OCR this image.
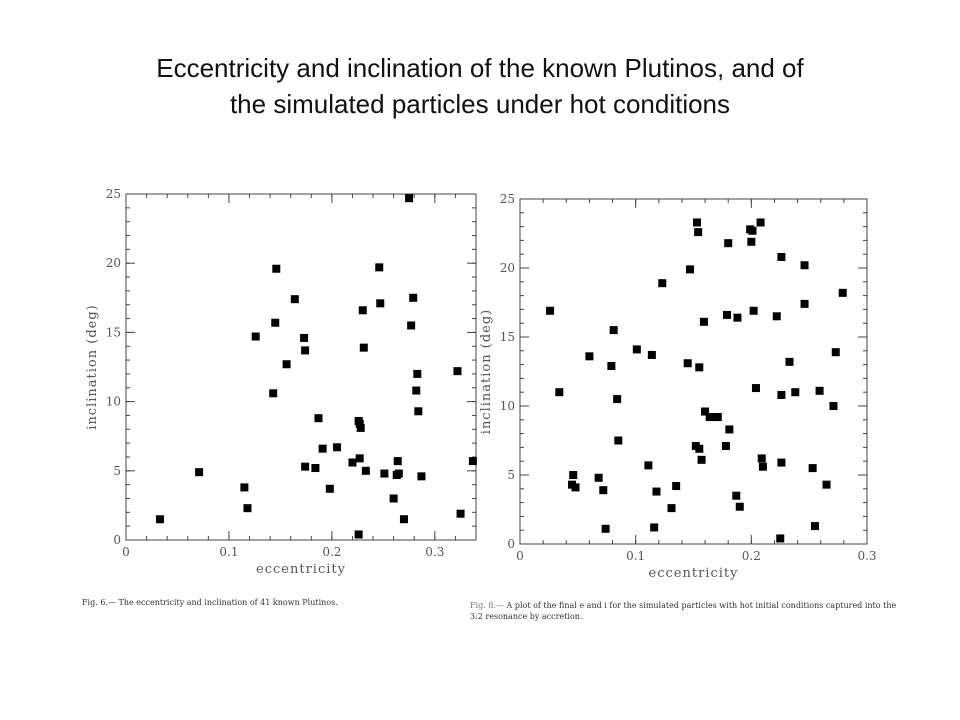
Eccentricity and inclination of the known Plutinos, and of
the simulated particles under hot conditions
0	0.1	0.2	0.3
0
5
10
15
20
25
eccentricity
inclination (deg)
0	0.1	0.2	0.3
0
5
10
15
20
25
eccentricity
inclination (deg)

Fig. 6.— The eccentricity and inclination of 41 known Plutinos.	Fig. 8.— A plot of the final e and i for the simulated particles with hot initial conditions captured into the 3:2 resonance by accretion.
